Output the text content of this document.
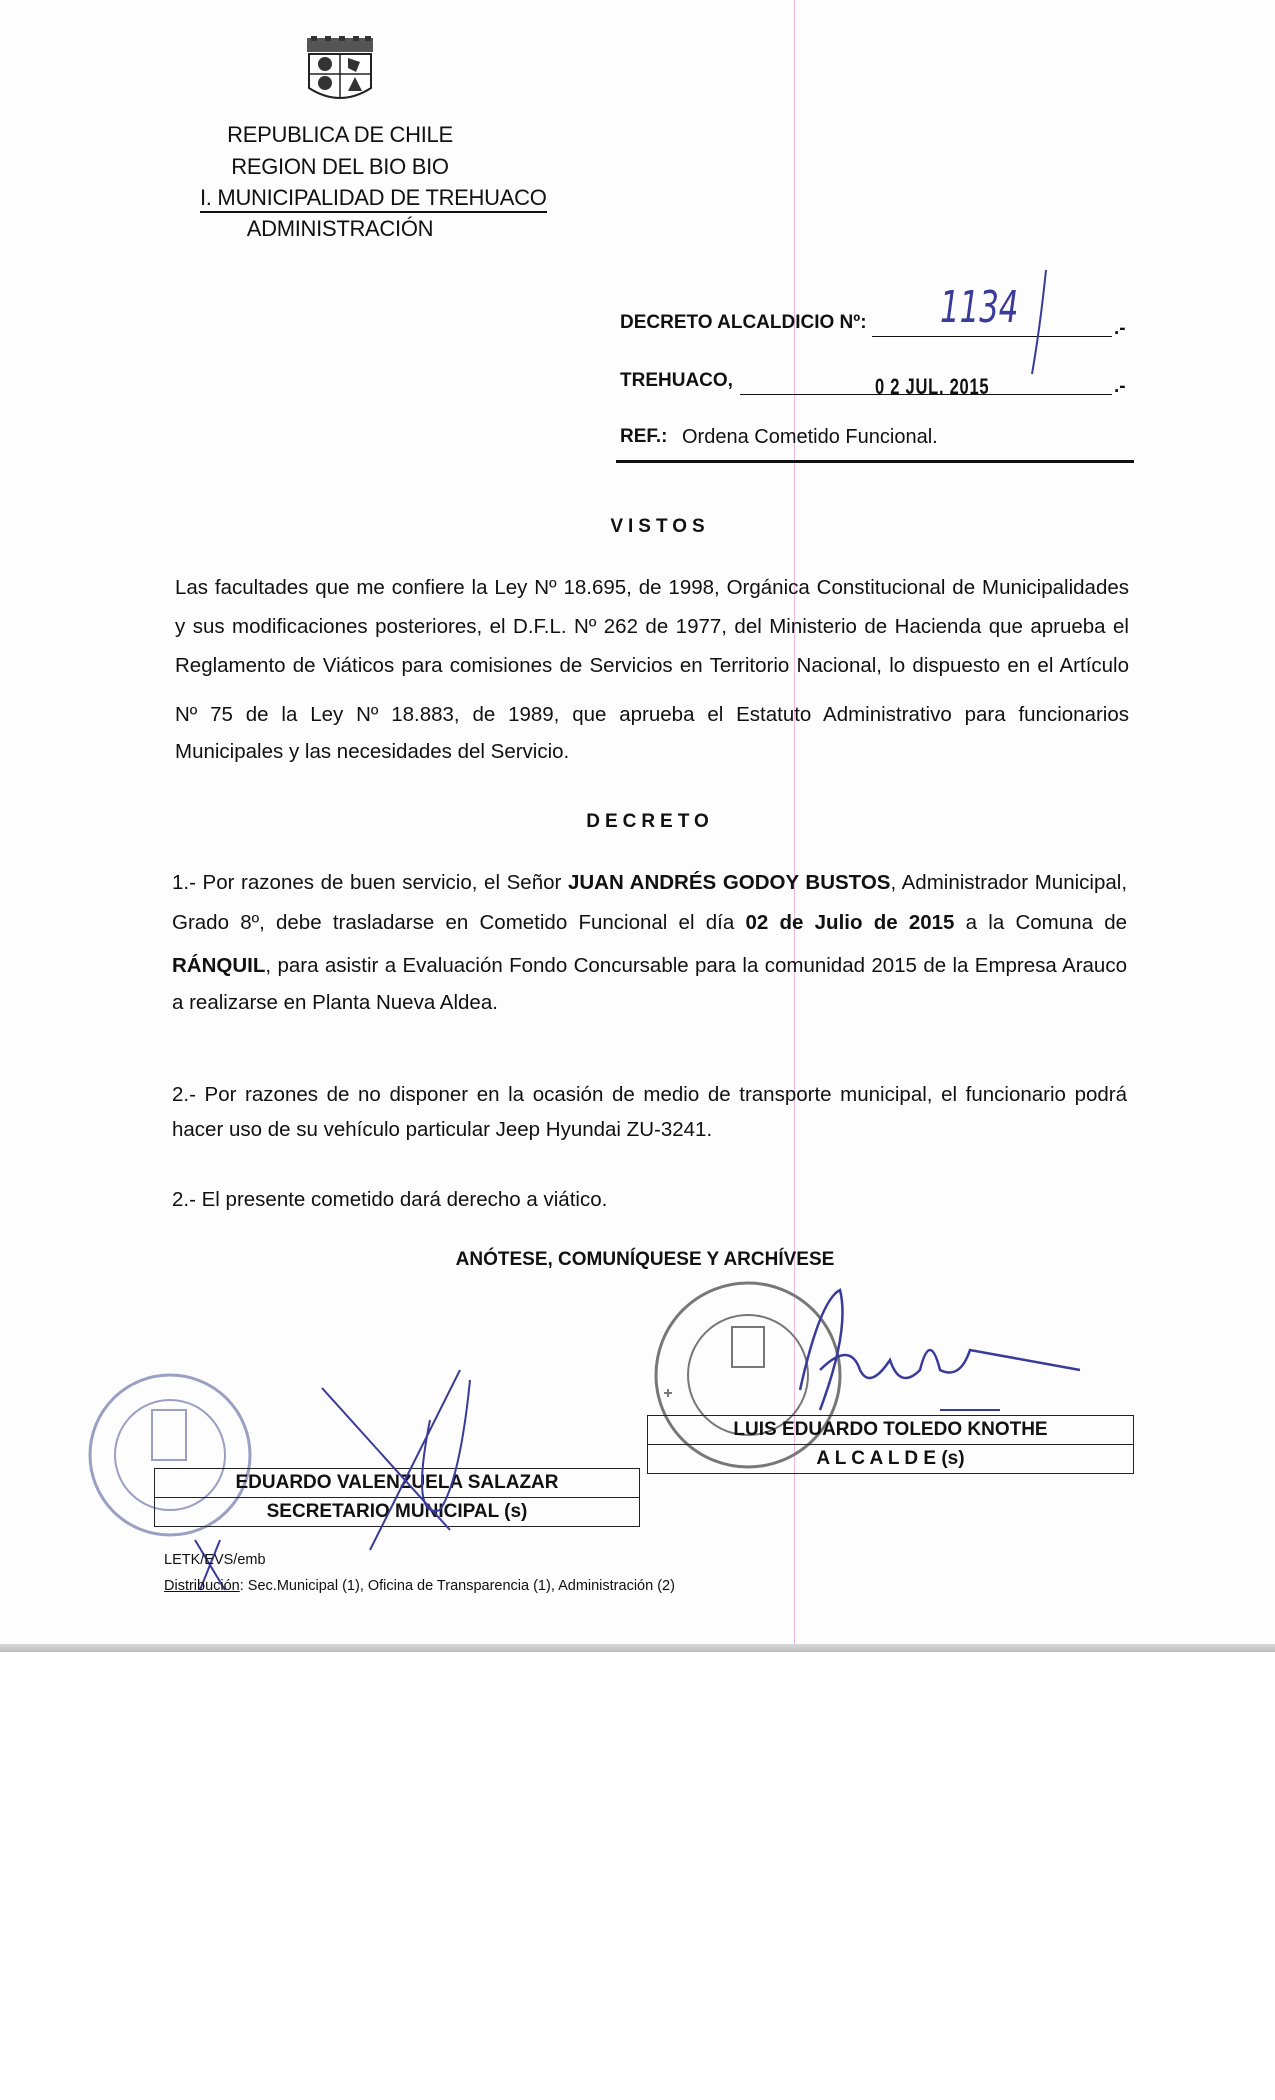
REPUBLICA DE CHILE
REGION DEL BIO BIO
I. MUNICIPALIDAD DE TREHUACO
ADMINISTRACIÓN
DECRETO ALCALDICIO Nº: 1134	.-
TREHUACO,	0 2 JUL. 2015	.-
REF.: Ordena Cometido Funcional.
VISTOS
Las facultades que me confiere la Ley Nº 18.695, de 1998, Orgánica Constitucional de Municipalidades
y sus modificaciones posteriores, el D.F.L. Nº 262 de 1977, del Ministerio de Hacienda que aprueba el
Reglamento de Viáticos para comisiones de Servicios en Territorio Nacional, lo dispuesto en el Artículo
Nº 75 de la Ley Nº 18.883, de 1989, que aprueba el Estatuto Administrativo para funcionarios
Municipales y las necesidades del Servicio.
DECRETO
1.- Por razones de buen servicio, el Señor JUAN ANDRÉS GODOY BUSTOS, Administrador Municipal,
Grado 8º, debe trasladarse en Cometido Funcional el día 02 de Julio de 2015 a la Comuna de
RÁNQUIL, para asistir a Evaluación Fondo Concursable para la comunidad 2015 de la Empresa Arauco
a realizarse en Planta Nueva Aldea.
2.- Por razones de no disponer en la ocasión de medio de transporte municipal, el funcionario podrá
hacer uso de su vehículo particular Jeep Hyundai ZU-3241.
2.- El presente cometido dará derecho a viático.
ANÓTESE, COMUNÍQUESE Y ARCHÍVESE
LUIS EDUARDO TOLEDO KNOTHE
A L C A L D E (s)
EDUARDO VALENZUELA SALAZAR
SECRETARIO MUNICIPAL (s)
LETK/EVS/emb
Distribución: Sec.Municipal (1), Oficina de Transparencia (1), Administración (2)
